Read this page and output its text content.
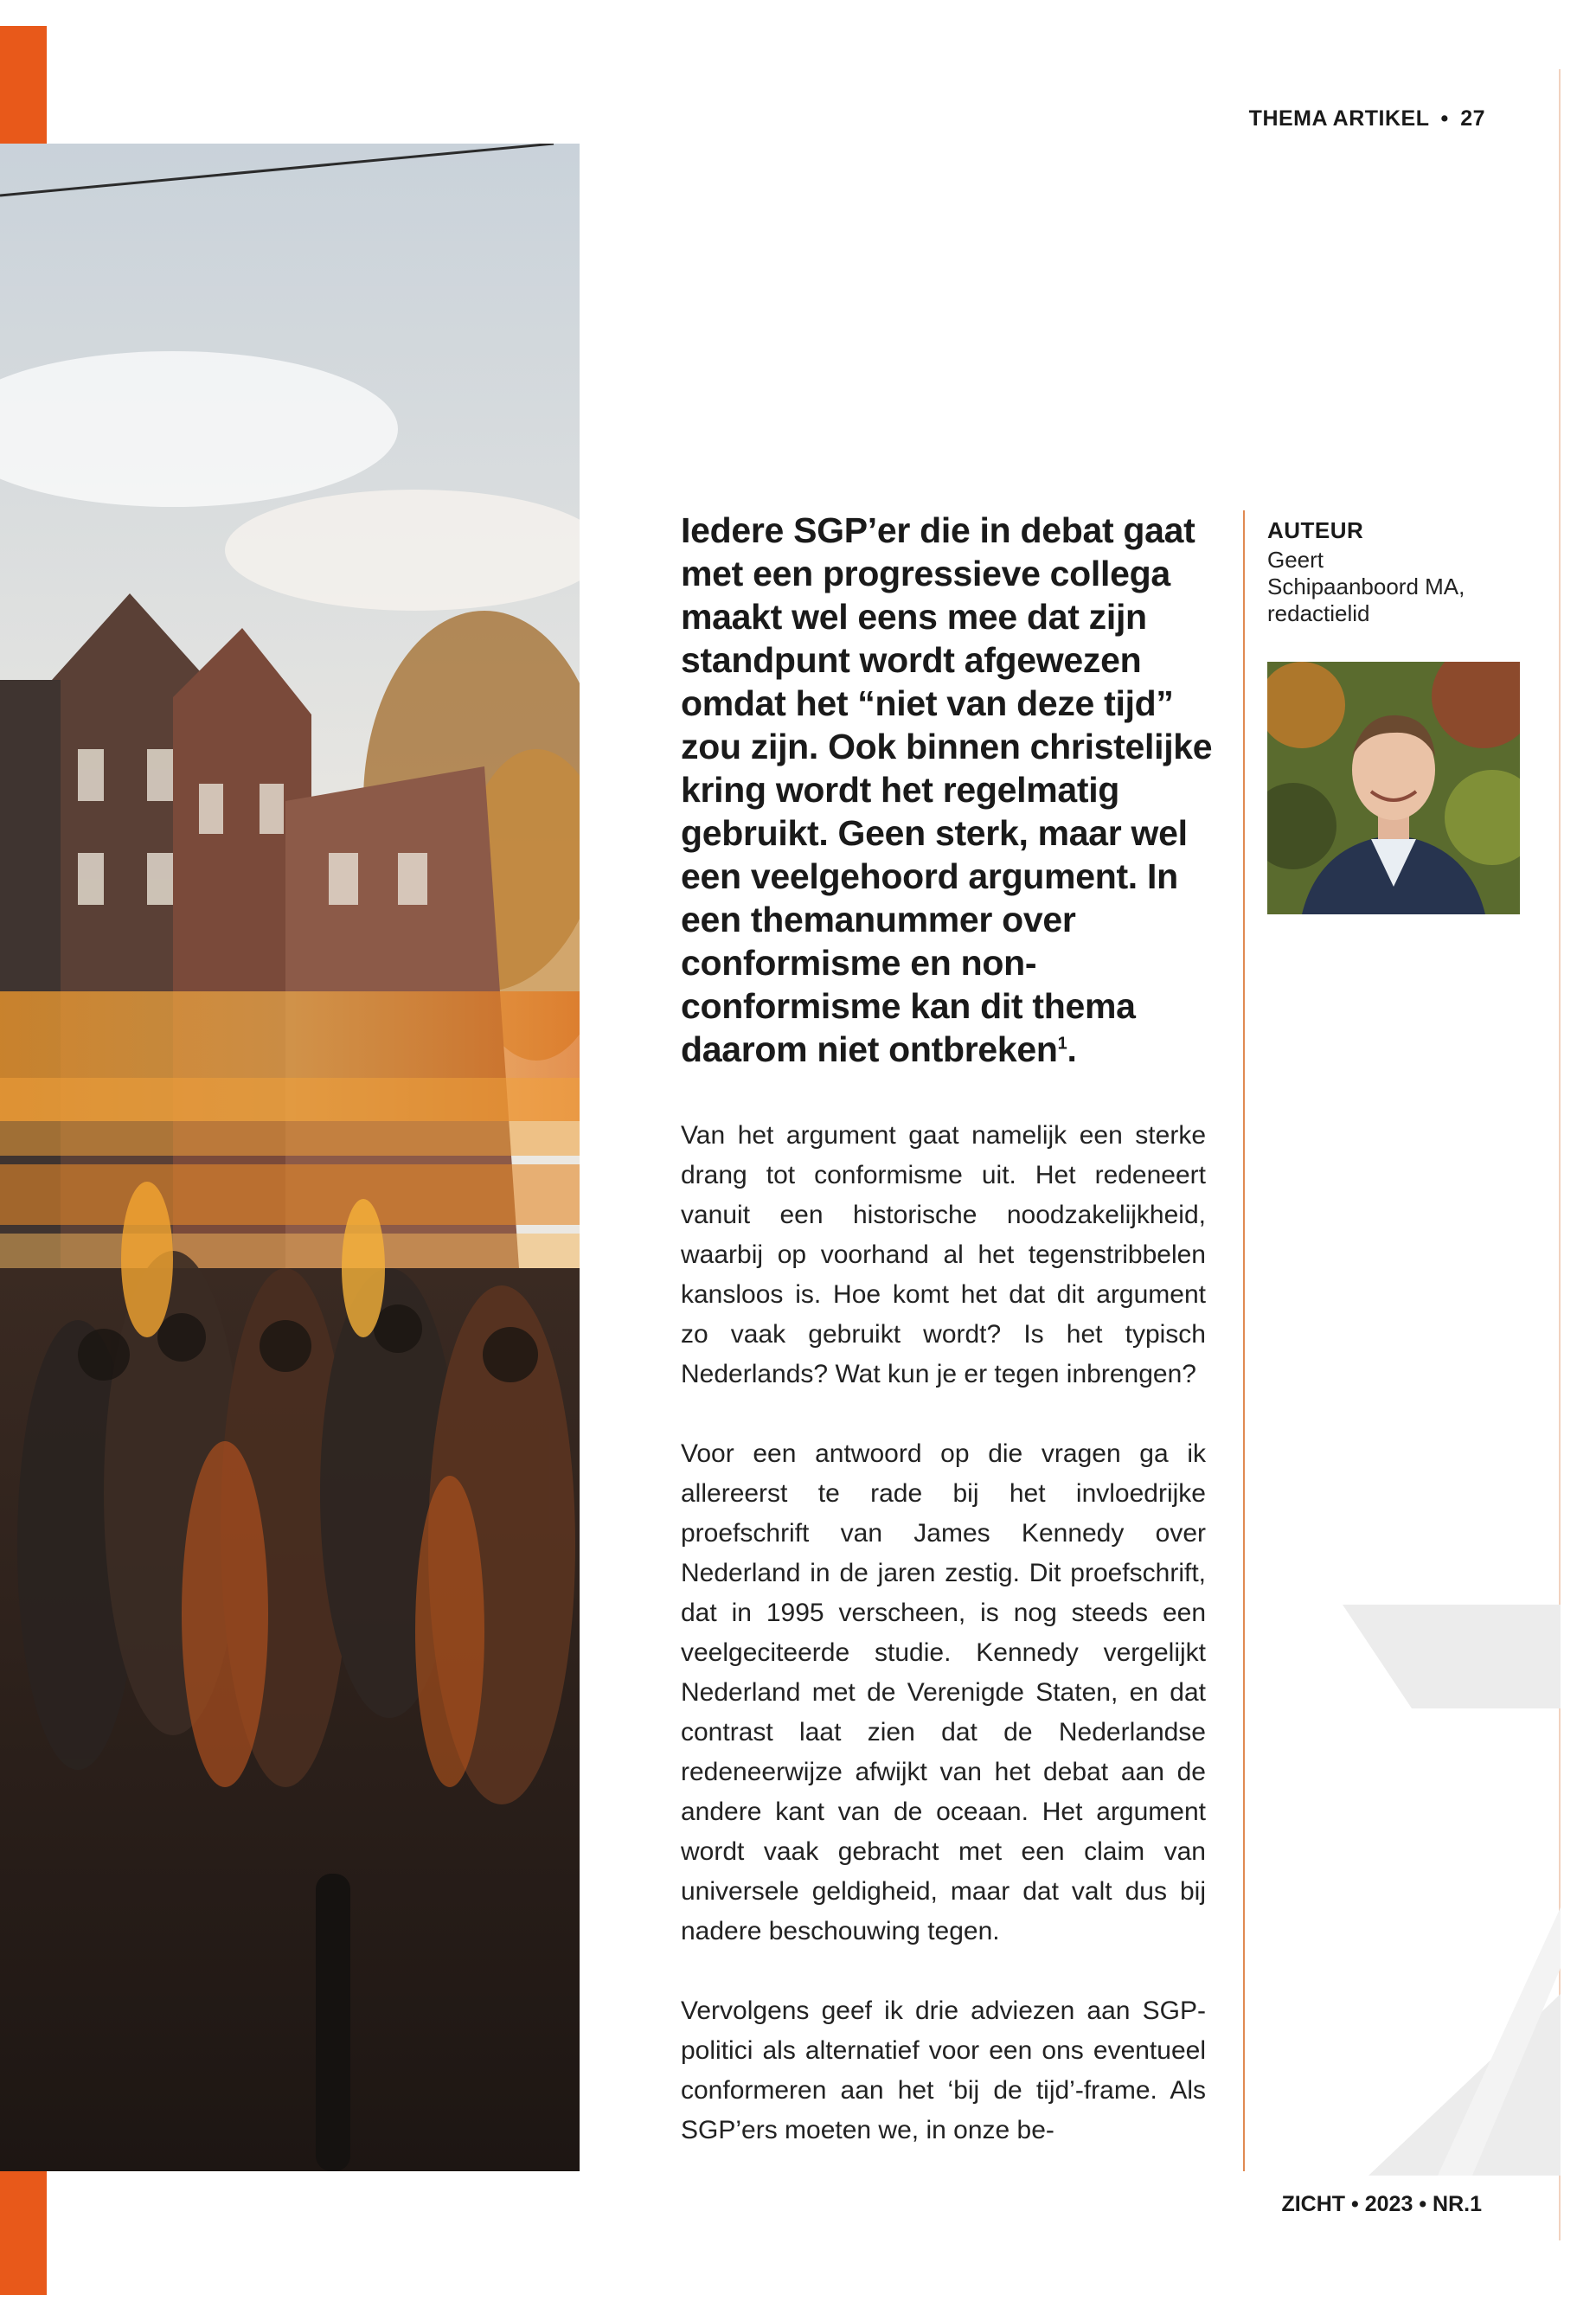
THEMA ARTIKEL • 27

Iedere SGP’er die in debat gaat met een progressieve collega maakt wel eens mee dat zijn standpunt wordt afgewezen omdat het “niet van deze tijd” zou zijn. Ook binnen christelijke kring wordt het regelmatig gebruikt. Geen sterk, maar wel een veelgehoord argument. In een themanummer over conformisme en non-conformisme kan dit thema daarom niet ontbreken$^1$.

Van het argument gaat namelijk een sterke drang tot conformisme uit. Het redeneert vanuit een historische noodzakelijkheid, waarbij op voorhand al het tegenstribbelen kansloos is. Hoe komt het dat dit argument zo vaak gebruikt wordt? Is het typisch Nederlands? Wat kun je er tegen inbrengen?

Voor een antwoord op die vragen ga ik allereerst te rade bij het invloedrijke proefschrift van James Kennedy over Nederland in de jaren zestig. Dit proefschrift, dat in 1995 verscheen, is nog steeds een veelgeciteerde studie. Kennedy vergelijkt Nederland met de Verenigde Staten, en dat contrast laat zien dat de Nederlandse redeneerwijze afwijkt van het debat aan de andere kant van de oceaan. Het argument wordt vaak gebracht met een claim van universele geldigheid, maar dat valt dus bij nadere beschouwing tegen.

Vervolgens geef ik drie adviezen aan SGP-politici als alternatief voor een ons eventueel conformeren aan het ‘bij de tijd’-frame. Als SGP’ers moeten we, in onze be-

AUTEUR
Geert Schipaanboord MA, redactielid
ZICHT • 2023 • NR.1
